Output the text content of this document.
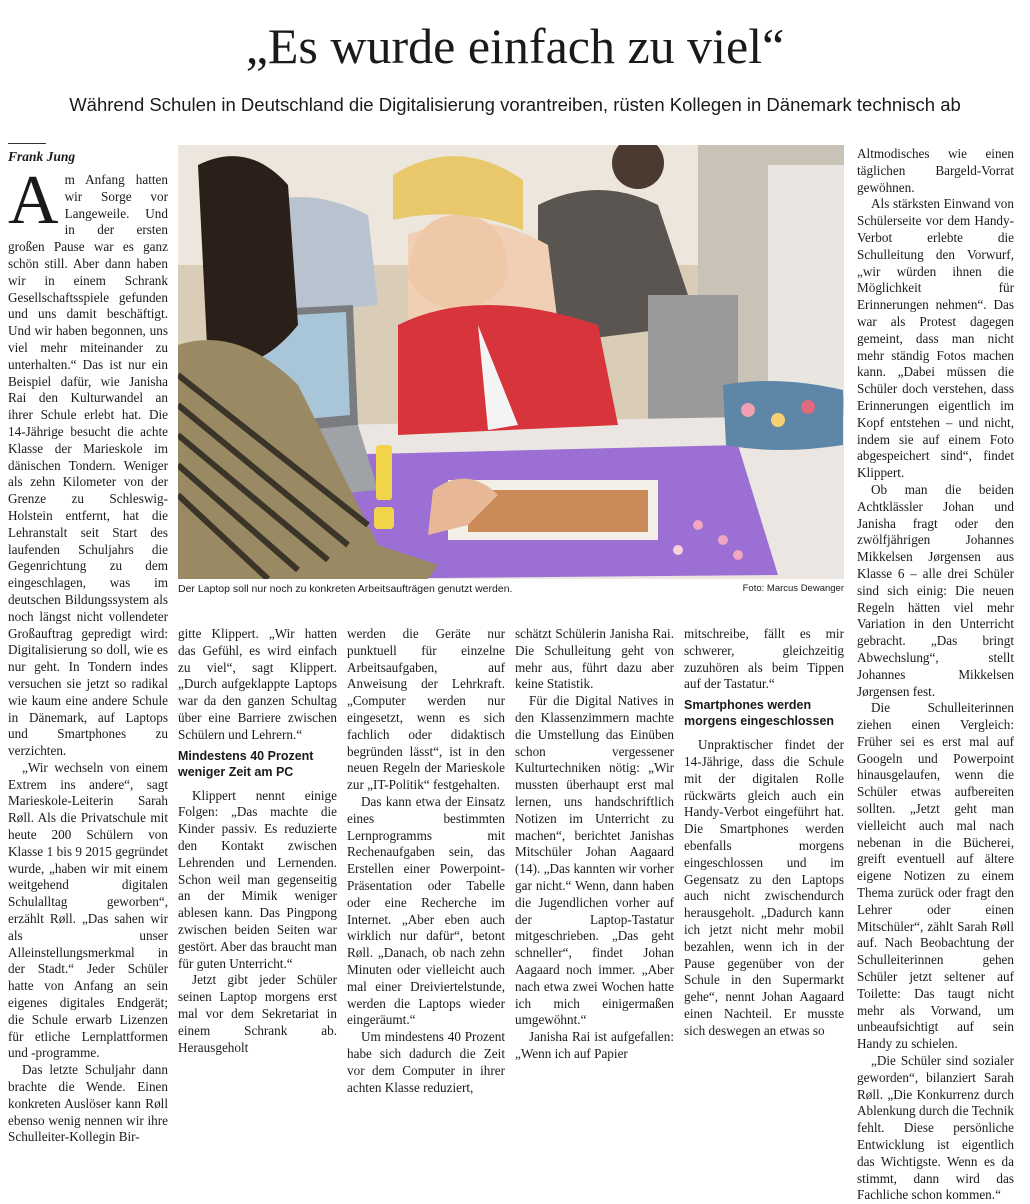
„Es wurde einfach zu viel“

Während Schulen in Deutschland die Digitalisierung vorantreiben, rüsten Kollegen in Dänemark technisch ab

Frank Jung

Am Anfang hatten wir Sorge vor Langeweile. Und in der ersten großen Pause war es ganz schön still. Aber dann haben wir in einem Schrank Gesellschaftsspiele gefunden und uns damit beschäftigt. Und wir haben begonnen, uns viel mehr miteinander zu unterhalten.“ Das ist nur ein Beispiel dafür, wie Janisha Rai den Kulturwandel an ihrer Schule erlebt hat. Die 14-Jährige besucht die achte Klasse der Marieskole im dänischen Tondern. Weniger als zehn Kilometer von der Grenze zu Schleswig-Holstein entfernt, hat die Lehranstalt seit Start des laufenden Schuljahrs die Gegenrichtung zu dem eingeschlagen, was im deutschen Bildungssystem als noch längst nicht vollendeter Großauftrag gepredigt wird: Digitalisierung so doll, wie es nur geht. In Tondern indes versuchen sie jetzt so radikal wie kaum eine andere Schule in Dänemark, auf Laptops und Smartphones zu verzichten.

„Wir wechseln von einem Extrem ins andere“, sagt Marieskole-Leiterin Sarah Røll. Als die Privatschule mit heute 200 Schülern von Klasse 1 bis 9 2015 gegründet wurde, „haben wir mit einem weitgehend digitalen Schulalltag geworben“, erzählt Røll. „Das sahen wir als unser Alleinstellungsmerkmal in der Stadt.“ Jeder Schüler hatte von Anfang an sein eigenes digitales Endgerät; die Schule erwarb Lizenzen für etliche Lernplattformen und -programme.

Das letzte Schuljahr dann brachte die Wende. Einen konkreten Auslöser kann Røll ebenso wenig nennen wir ihre Schulleiter-Kollegin Bir-

Der Laptop soll nur noch zu konkreten Arbeitsaufträgen genutzt werden.	Foto: Marcus Dewanger

gitte Klippert. „Wir hatten das Gefühl, es wird einfach zu viel“, sagt Klippert. „Durch aufgeklappte Laptops war da den ganzen Schultag über eine Barriere zwischen Schülern und Lehrern.“

Mindestens 40 Prozent weniger Zeit am PC

Klippert nennt einige Folgen: „Das machte die Kinder passiv. Es reduzierte den Kontakt zwischen Lehrenden und Lernenden. Schon weil man gegenseitig an der Mimik weniger ablesen kann. Das Pingpong zwischen beiden Seiten war gestört. Aber das braucht man für guten Unterricht.“

Jetzt gibt jeder Schüler seinen Laptop morgens erst mal vor dem Sekretariat in einem Schrank ab. Herausgeholt

werden die Geräte nur punktuell für einzelne Arbeitsaufgaben, auf Anweisung der Lehrkraft. „Computer werden nur eingesetzt, wenn es sich fachlich oder didaktisch begründen lässt“, ist in den neuen Regeln der Marieskole zur „IT-Politik“ festgehalten.

Das kann etwa der Einsatz eines bestimmten Lernprogramms mit Rechenaufgaben sein, das Erstellen einer Powerpoint-Präsentation oder Tabelle oder eine Recherche im Internet. „Aber eben auch wirklich nur dafür“, betont Røll. „Danach, ob nach zehn Minuten oder vielleicht auch mal einer Dreiviertelstunde, werden die Laptops wieder eingeräumt.“

Um mindestens 40 Prozent habe sich dadurch die Zeit vor dem Computer in ihrer achten Klasse reduziert,

schätzt Schülerin Janisha Rai. Die Schulleitung geht von mehr aus, führt dazu aber keine Statistik.

Für die Digital Natives in den Klassenzimmern machte die Umstellung das Einüben schon vergessener Kulturtechniken nötig: „Wir mussten überhaupt erst mal lernen, uns handschriftlich Notizen im Unterricht zu machen“, berichtet Janishas Mitschüler Johan Aagaard (14). „Das kannten wir vorher gar nicht.“ Wenn, dann haben die Jugendlichen vorher auf der Laptop-Tastatur mitgeschrieben. „Das geht schneller“, findet Johan Aagaard noch immer. „Aber nach etwa zwei Wochen hatte ich mich einigermaßen umgewöhnt.“

Janisha Rai ist aufgefallen: „Wenn ich auf Papier

mitschreibe, fällt es mir schwerer, gleichzeitig zuzuhören als beim Tippen auf der Tastatur.“

Smartphones werden morgens eingeschlossen

Unpraktischer findet der 14-Jährige, dass die Schule mit der digitalen Rolle rückwärts gleich auch ein Handy-Verbot eingeführt hat. Die Smartphones werden ebenfalls morgens eingeschlossen und im Gegensatz zu den Laptops auch nicht zwischendurch herausgeholt. „Dadurch kann ich jetzt nicht mehr mobil bezahlen, wenn ich in der Pause gegenüber von der Schule in den Supermarkt gehe“, nennt Johan Aagaard einen Nachteil. Er musste sich deswegen an etwas so

Altmodisches wie einen täglichen Bargeld-Vorrat gewöhnen.

Als stärksten Einwand von Schülerseite vor dem Handy-Verbot erlebte die Schulleitung den Vorwurf, „wir würden ihnen die Möglichkeit für Erinnerungen nehmen“. Das war als Protest dagegen gemeint, dass man nicht mehr ständig Fotos machen kann. „Dabei müssen die Schüler doch verstehen, dass Erinnerungen eigentlich im Kopf entstehen – und nicht, indem sie auf einem Foto abgespeichert sind“, findet Klippert.

Ob man die beiden Achtklässler Johan und Janisha fragt oder den zwölfjährigen Johannes Mikkelsen Jørgensen aus Klasse 6 – alle drei Schüler sind sich einig: Die neuen Regeln hätten viel mehr Variation in den Unterricht gebracht. „Das bringt Abwechslung“, stellt Johannes Mikkelsen Jørgensen fest.

Die Schulleiterinnen ziehen einen Vergleich: Früher sei es erst mal auf Googeln und Powerpoint hinausgelaufen, wenn die Schüler etwas aufbereiten sollten. „Jetzt geht man vielleicht auch mal nach nebenan in die Bücherei, greift eventuell auf ältere eigene Notizen zu einem Thema zurück oder fragt den Lehrer oder einen Mitschüler“, zählt Sarah Røll auf. Nach Beobachtung der Schulleiterinnen gehen Schüler jetzt seltener auf Toilette: Das taugt nicht mehr als Vorwand, um unbeaufsichtigt auf sein Handy zu schielen.

„Die Schüler sind sozialer geworden“, bilanziert Sarah Røll. „Die Konkurrenz durch Ablenkung durch die Technik fehlt. Diese persönliche Entwicklung ist eigentlich das Wichtigste. Wenn es da stimmt, dann wird das Fachliche schon kommen.“
